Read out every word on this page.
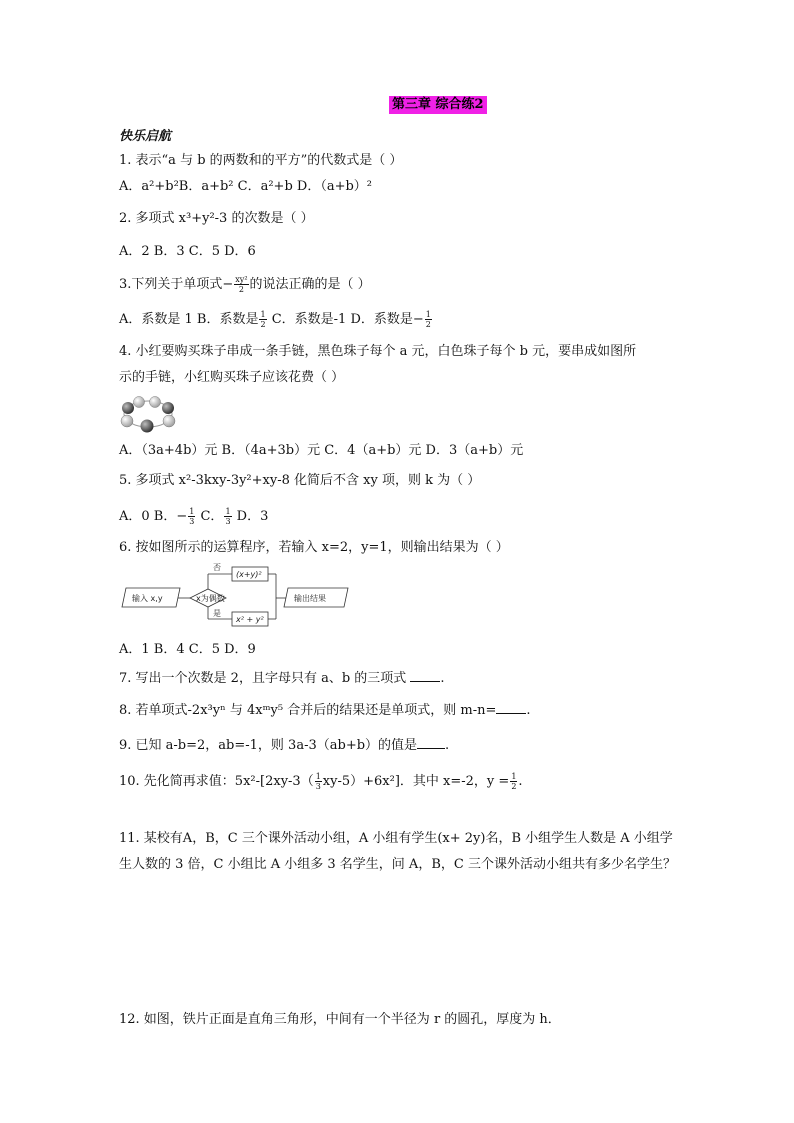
第三章 综合练2
快乐启航
1. 表示“a 与 b 的两数和的平方”的代数式是（ ）
A．a²+b²B．a+b² C．a²+b D．（a+b）²
2. 多项式 x³+y²-3 的次数是（ ）
A．2 B．3 C．5 D．6
3.下列关于单项式− $\frac{\text{xy²}}{2}$ 的说法正确的是（ ）
A．系数是 1 B．系数是 $\frac{1}{2}$ C．系数是-1 D．系数是− $\frac{1}{2}$
4. 小红要购买珠子串成一条手链，黑色珠子每个 a 元，白色珠子每个 b 元，要串成如图所
示的手链，小红购买珠子应该花费（ ）
A．（3a+4b）元 B．（4a+3b）元 C．4（a+b）元 D．3（a+b）元
5. 多项式 x²-3kxy-3y²+xy-8 化简后不含 xy 项，则 k 为（ ）
A．0 B．− $\frac{1}{3}$ C． $\frac{1}{3}$ D．3
6. 按如图所示的运算程序，若输入 x=2，y=1，则输出结果为（ ）
输入 x,y	x为偶数
否
是
(x+y)²
x² + y²
输出结果
A．1 B．4 C．5 D．9
7. 写出一个次数是 2，且字母只有 a、b 的三项式 .
8. 若单项式-2x³yⁿ 与 4xᵐy⁵ 合并后的结果还是单项式，则 m-n= .
9. 已知 a-b=2，ab=-1，则 3a-3（ab+b）的值是 .
10. 先化简再求值：$5x^2-[2xy-3( \frac{1}{3} xy-5)+6x^2]$．其中 x=-2，$y = \frac{1}{2}$ .
11. 某校有A，B，C 三个课外活动小组，A 小组有学生(x+ 2y)名，B 小组学生人数是 A 小组学生人数的 3 倍，C 小组比 A 小组多 3 名学生，问 A，B，C 三个课外活动小组共有多少名学生？
12. 如图，铁片正面是直角三角形，中间有一个半径为 r 的圆孔，厚度为 h．
